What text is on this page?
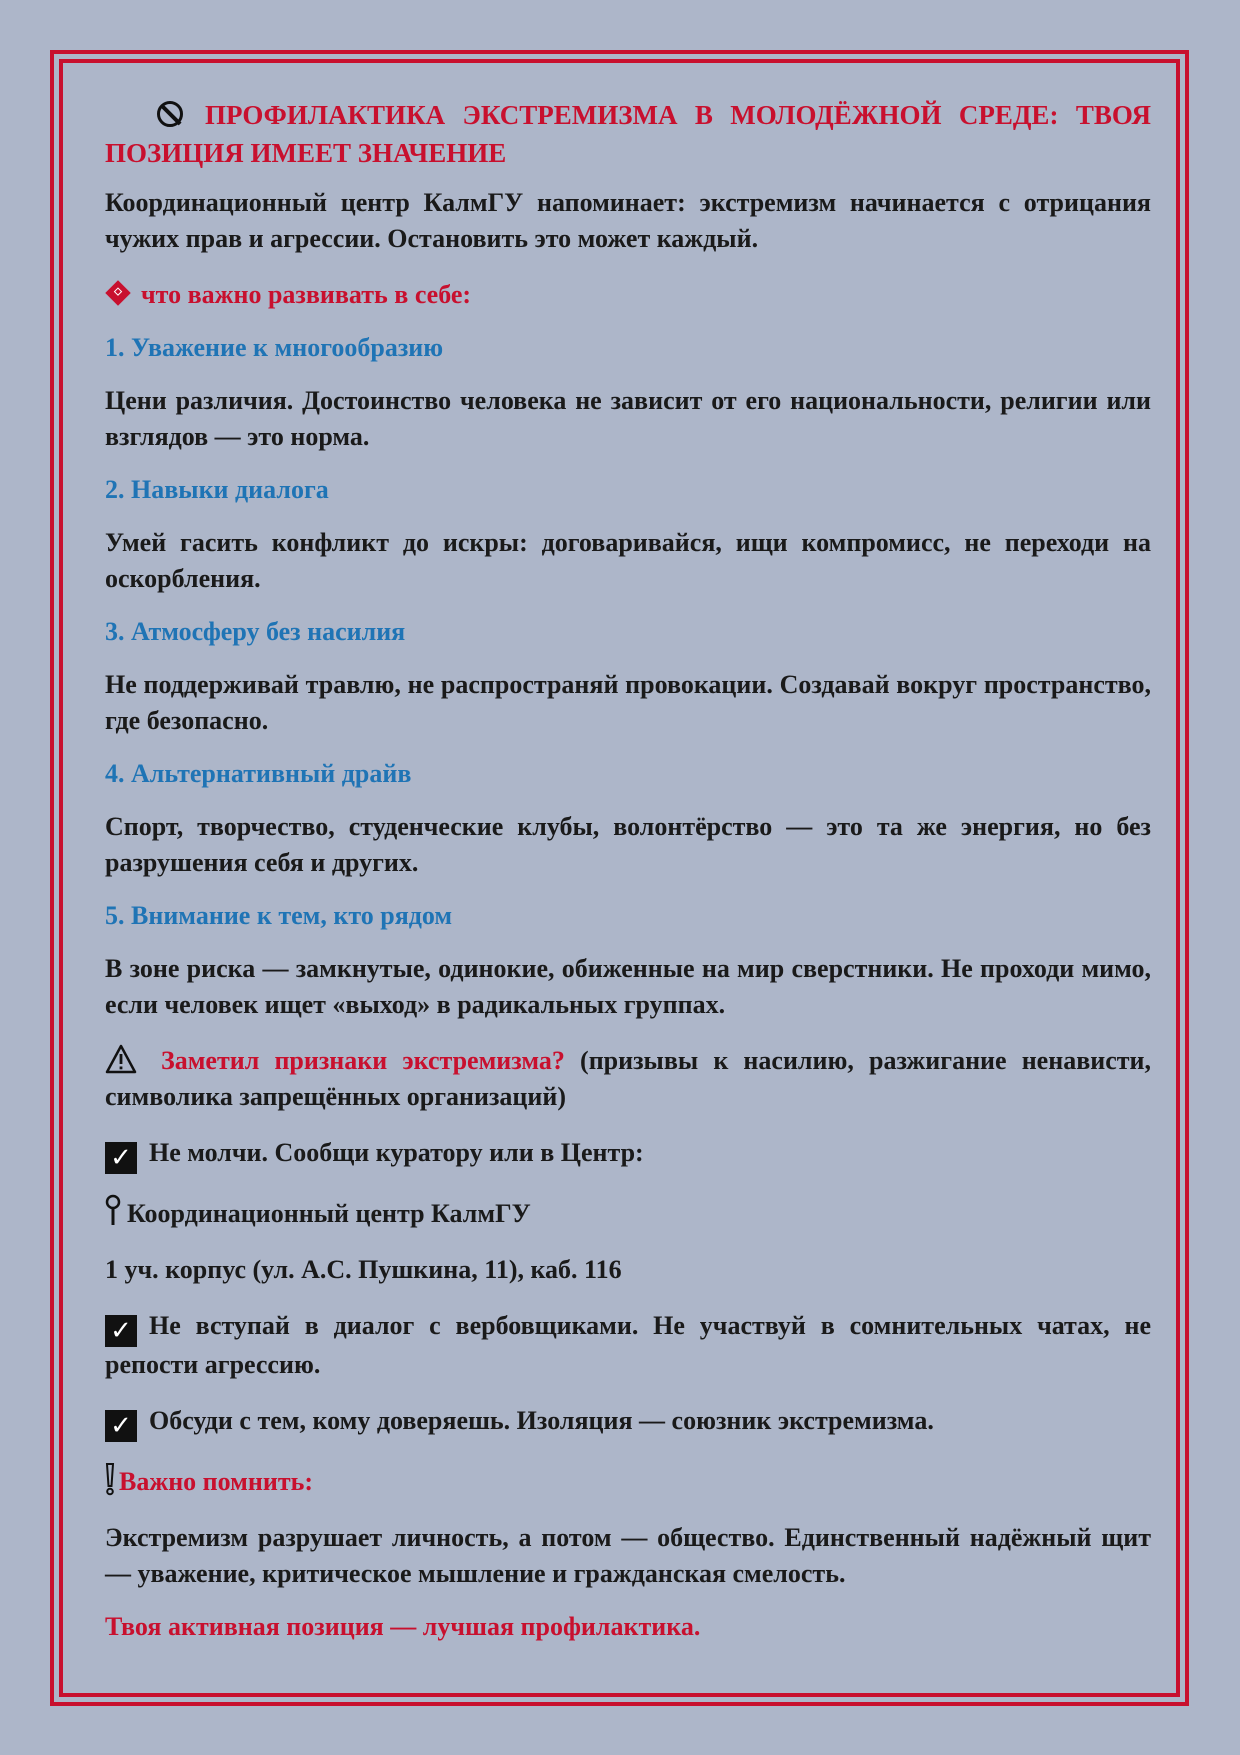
ПРОФИЛАКТИКА ЭКСТРЕМИЗМА В МОЛОДЁЖНОЙ СРЕДЕ: ТВОЯ ПОЗИЦИЯ ИМЕЕТ ЗНАЧЕНИЕ

Координационный центр КалмГУ напоминает: экстремизм начинается с отрицания чужих прав и агрессии. Остановить это может каждый.

что важно развивать в себе:

1. Уважение к многообразию

Цени различия. Достоинство человека не зависит от его национальности, религии или взглядов — это норма.

2. Навыки диалога

Умей гасить конфликт до искры: договаривайся, ищи компромисс, не переходи на оскорбления.

3. Атмосферу без насилия

Не поддерживай травлю, не распространяй провокации. Создавай вокруг пространство, где безопасно.

4. Альтернативный драйв

Спорт, творчество, студенческие клубы, волонтёрство — это та же энергия, но без разрушения себя и других.

5. Внимание к тем, кто рядом

В зоне риска — замкнутые, одинокие, обиженные на мир сверстники. Не проходи мимо, если человек ищет «выход» в радикальных группах.

Заметил признаки экстремизма? (призывы к насилию, разжигание ненависти, символика запрещённых организаций)

✓ Не молчи. Сообщи куратору или в Центр:

Координационный центр КалмГУ

1 уч. корпус (ул. А.С. Пушкина, 11), каб. 116

✓ Не вступай в диалог с вербовщиками. Не участвуй в сомнительных чатах, не репости агрессию.

✓ Обсуди с тем, кому доверяешь. Изоляция — союзник экстремизма.

Важно помнить:

Экстремизм разрушает личность, а потом — общество. Единственный надёжный щит — уважение, критическое мышление и гражданская смелость.

Твоя активная позиция — лучшая профилактика.
